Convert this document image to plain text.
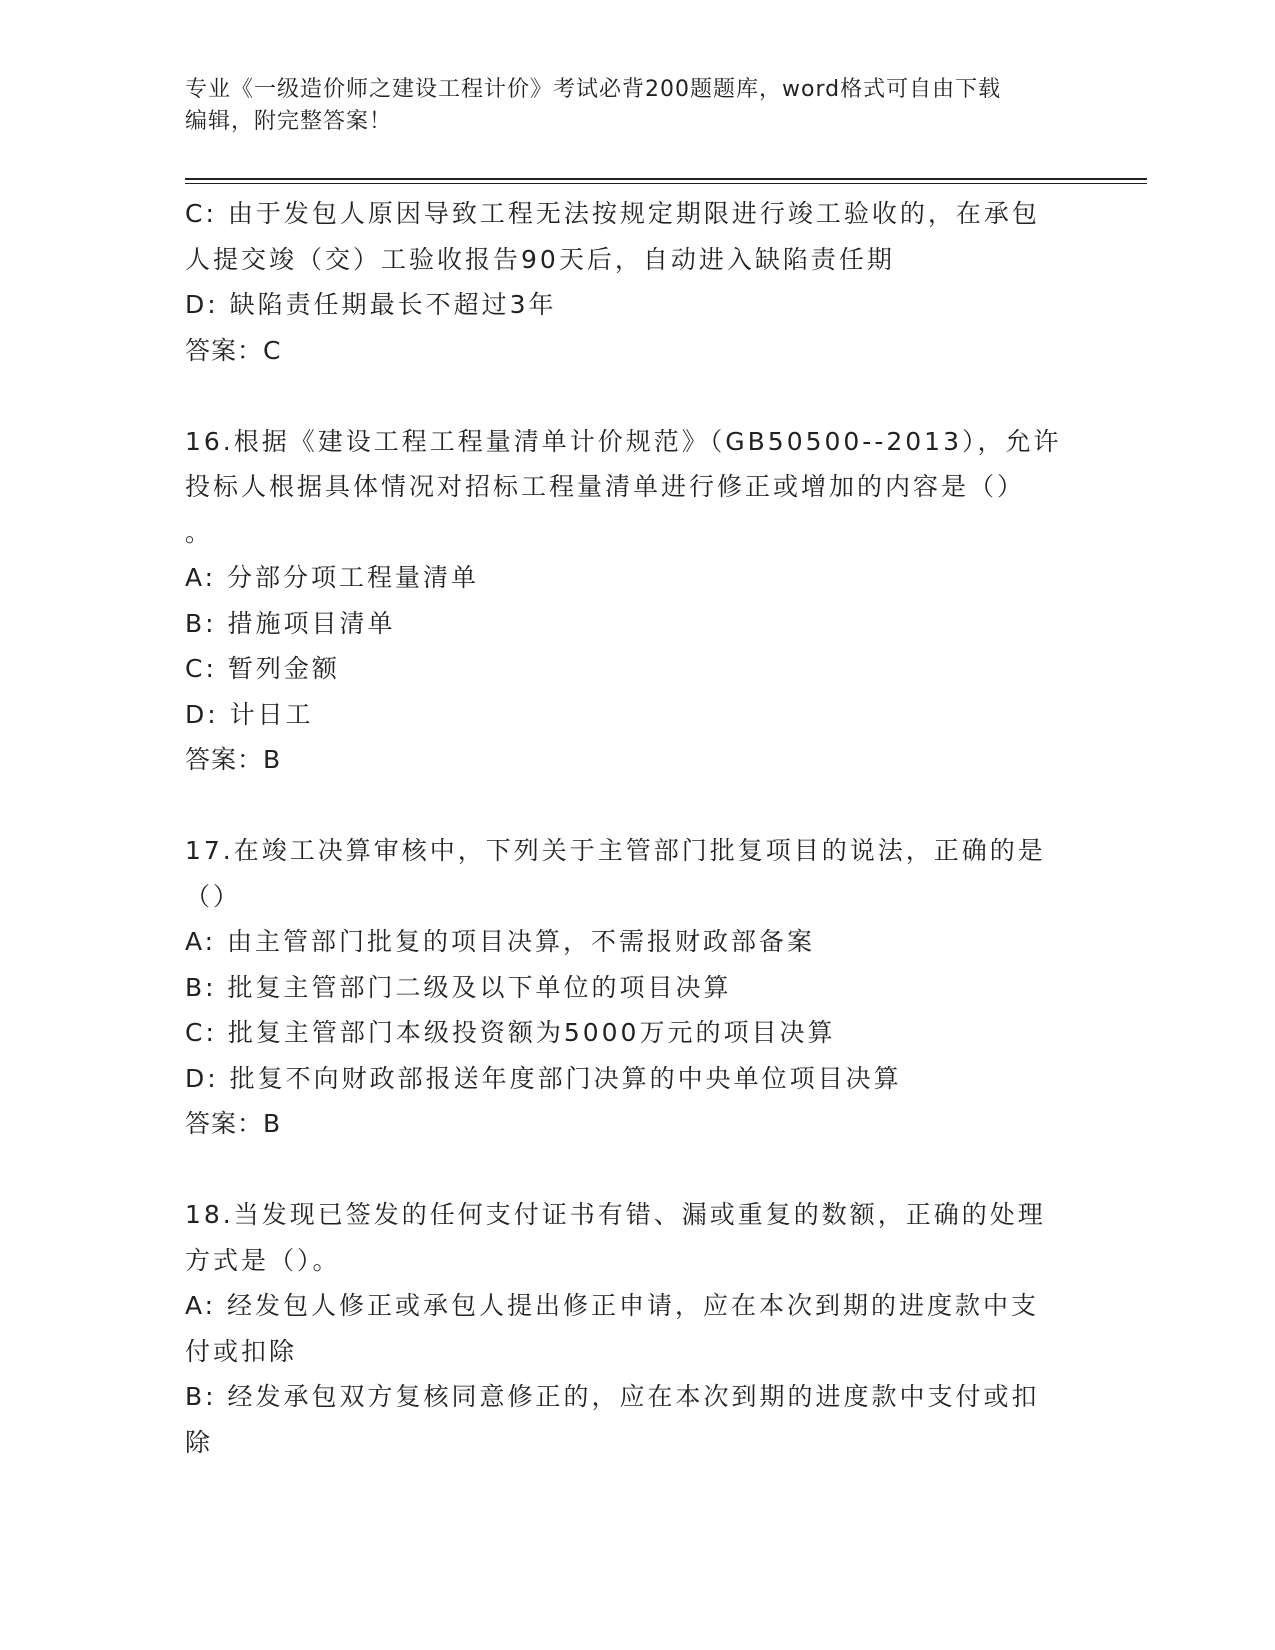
专业《一级造价师之建设工程计价》考试必背200题题库，word格式可自由下载
编辑，附完整答案！
C: 由于发包人原因导致工程无法按规定期限进行竣工验收的，在承包
人提交竣（交）工验收报告90天后，自动进入缺陷责任期
D: 缺陷责任期最长不超过3年
答案：C
16.根据《建设工程工程量清单计价规范》（GB50500--2013），允许
投标人根据具体情况对招标工程量清单进行修正或增加的内容是（）
。
A: 分部分项工程量清单
B: 措施项目清单
C: 暂列金额
D: 计日工
答案：B
17.在竣工决算审核中，下列关于主管部门批复项目的说法，正确的是
（）
A: 由主管部门批复的项目决算，不需报财政部备案
B: 批复主管部门二级及以下单位的项目决算
C: 批复主管部门本级投资额为5000万元的项目决算
D: 批复不向财政部报送年度部门决算的中央单位项目决算
答案：B
18.当发现已签发的任何支付证书有错、漏或重复的数额，正确的处理
方式是（）。
A: 经发包人修正或承包人提出修正申请，应在本次到期的进度款中支
付或扣除
B: 经发承包双方复核同意修正的，应在本次到期的进度款中支付或扣
除
